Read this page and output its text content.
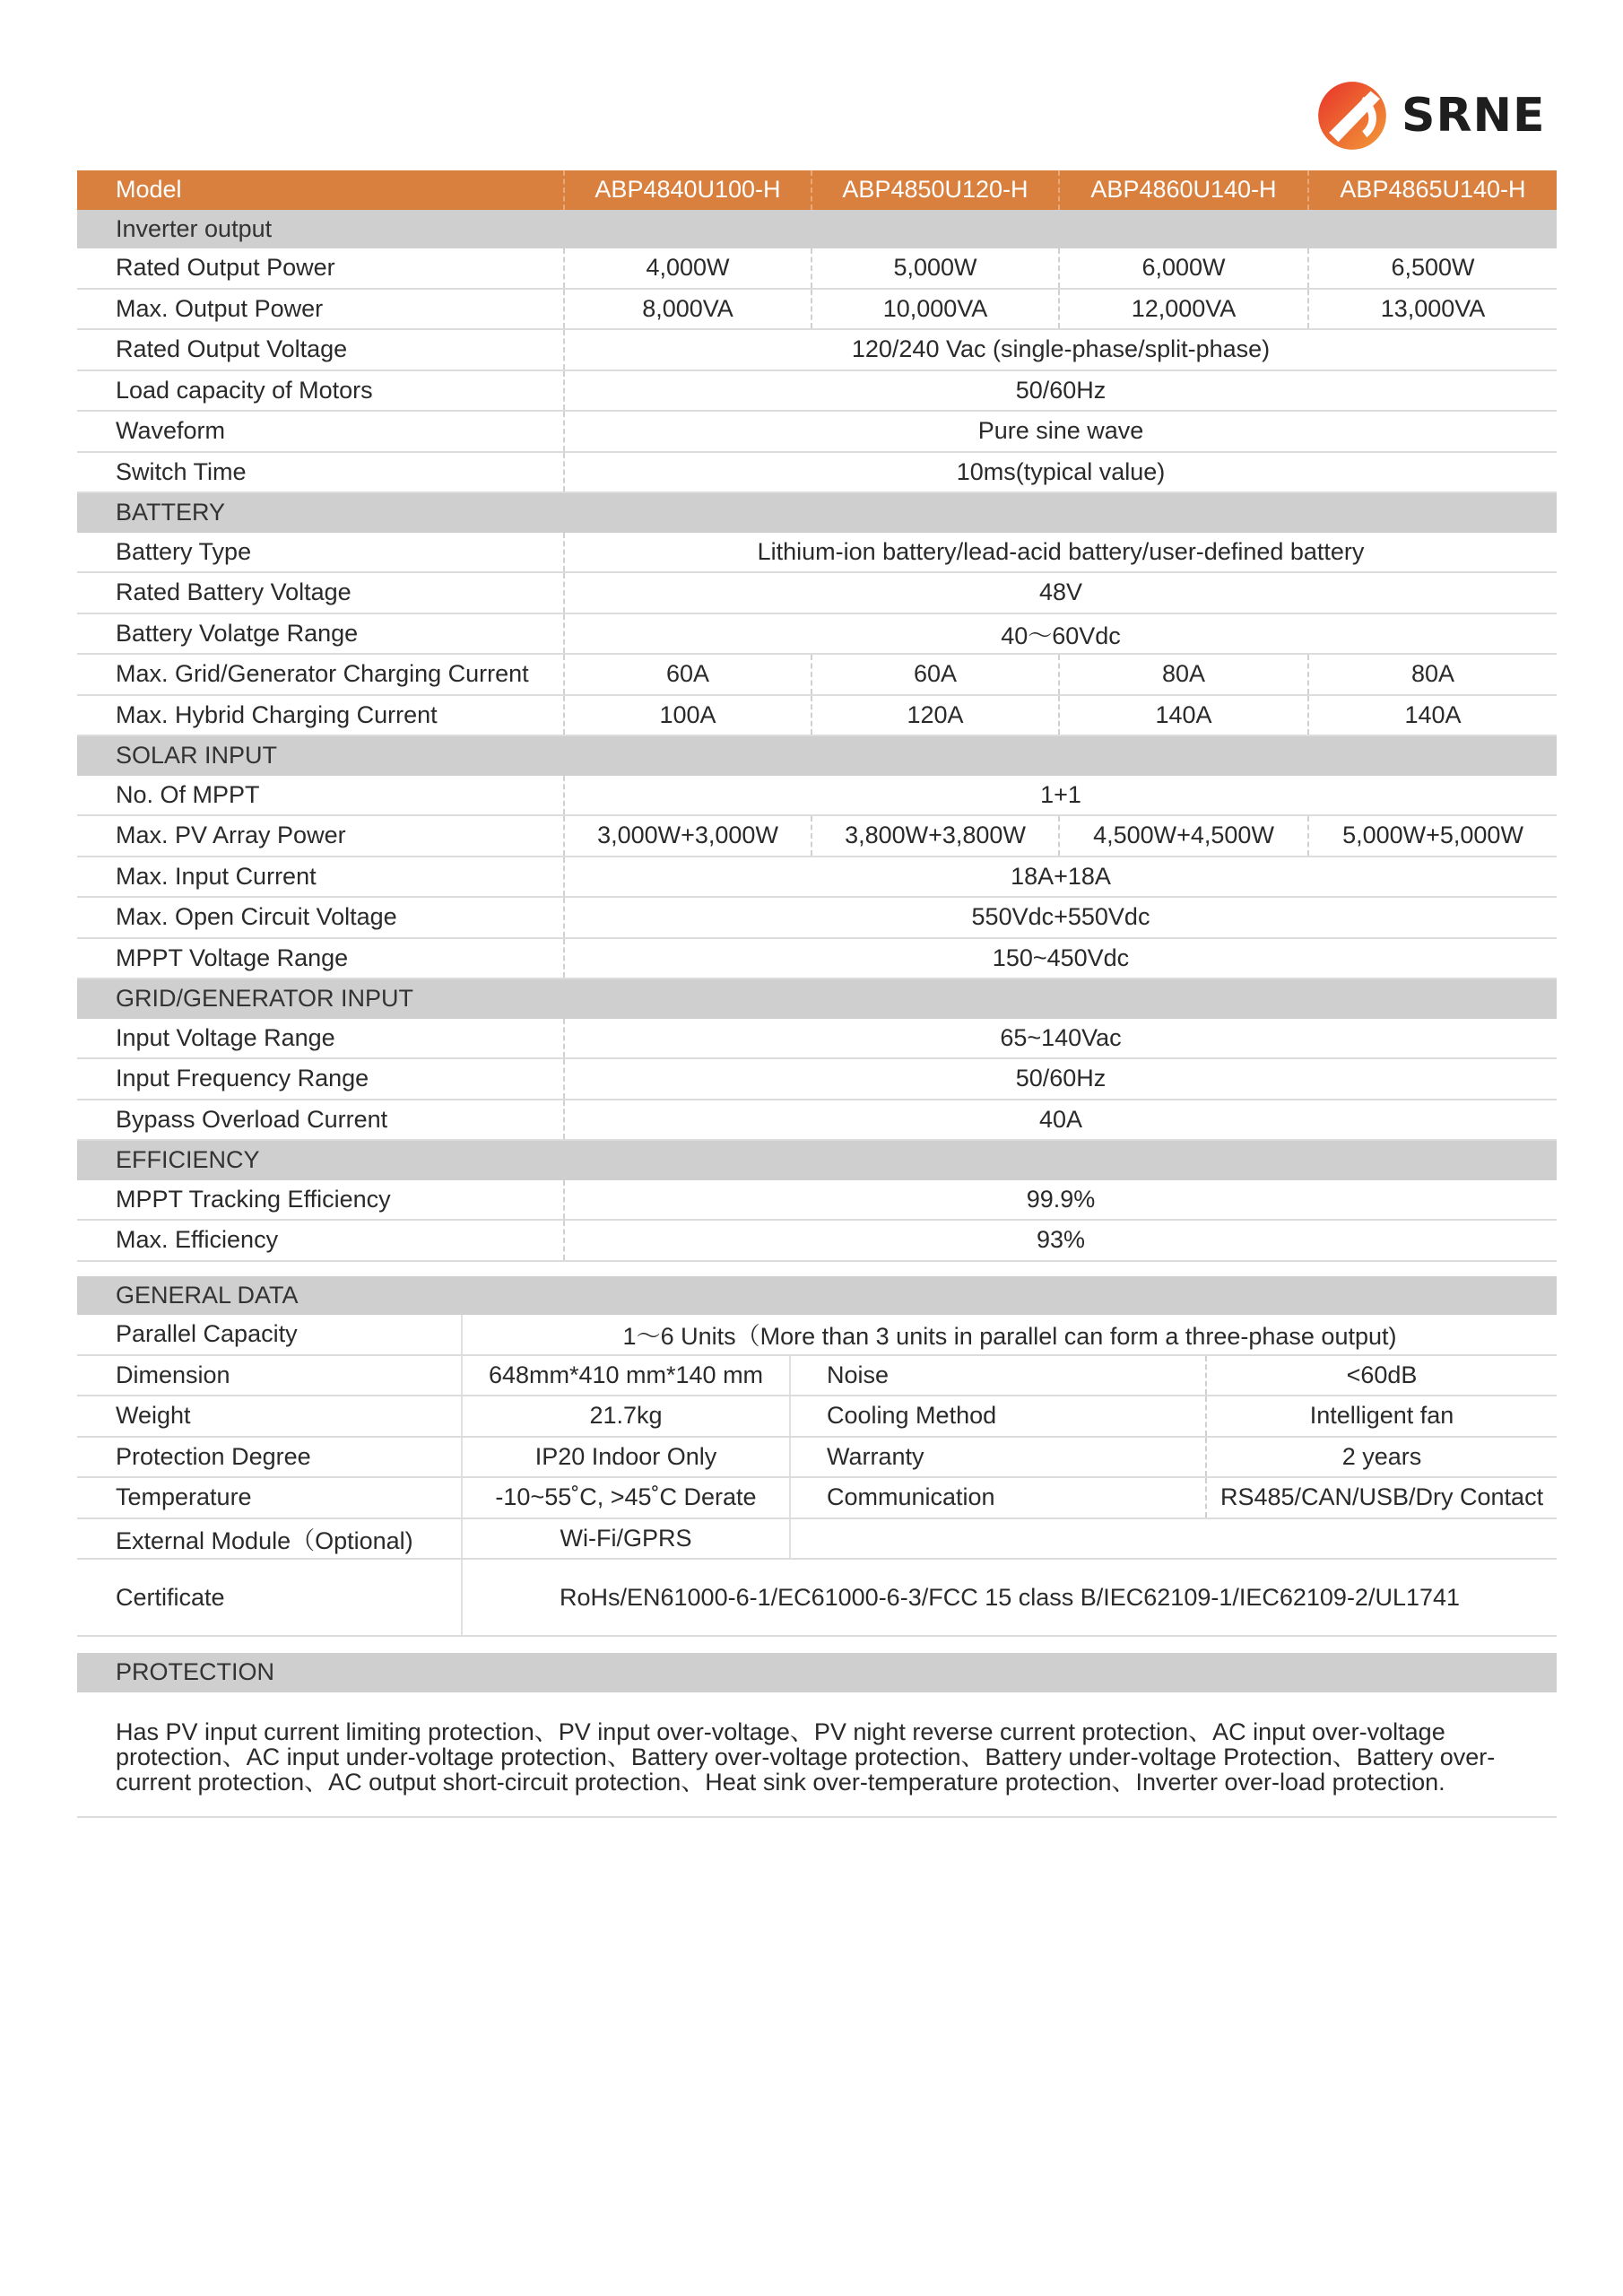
SRNE
Model	ABP4840U100-H	ABP4850U120-H	ABP4860U140-H	ABP4865U140-H
Inverter output				
Rated Output Power	4,000W	5,000W	6,000W	6,500W
Max. Output Power	8,000VA	10,000VA	12,000VA	13,000VA
Rated Output Voltage	120/240 Vac (single-phase/split-phase)			
Load capacity of Motors	50/60Hz			
Waveform	Pure sine wave			
Switch Time	10ms(typical value)			
BATTERY				
Battery Type	Lithium-ion battery/lead-acid battery/user-defined battery			
Rated Battery Voltage	48V			
Battery Volatge Range	40～60Vdc			
Max. Grid/Generator Charging Current	60A	60A	80A	80A
Max. Hybrid Charging Current	100A	120A	140A	140A
SOLAR INPUT				
No. Of MPPT	1+1			
Max. PV Array Power	3,000W+3,000W	3,800W+3,800W	4,500W+4,500W	5,000W+5,000W
Max. Input Current	18A+18A			
Max. Open Circuit Voltage	550Vdc+550Vdc			
MPPT Voltage Range	150~450Vdc			
GRID/GENERATOR INPUT				
Input Voltage Range	65~140Vac			
Input Frequency Range	50/60Hz			
Bypass Overload Current	40A			
EFFICIENCY				
MPPT Tracking Efficiency	99.9%			
Max. Efficiency	93%			

GENERAL DATA			
Parallel Capacity	1～6 Units（More than 3 units in parallel can form a three-phase output)		
Dimension	648mm*410 mm*140 mm	Noise	<60dB
Weight	21.7kg	Cooling Method	Intelligent fan
Protection Degree	IP20 Indoor Only	Warranty	2 years
Temperature	-10~55˚C, >45˚C Derate	Communication	RS485/CAN/USB/Dry Contact
External Module（Optional)	Wi-Fi/GPRS		
Certificate	RoHs/EN61000-6-1/EC61000-6-3/FCC 15 class B/IEC62109-1/IEC62109-2/UL1741		
PROTECTION
Has PV input current limiting protection、PV input over-voltage、PV night reverse current protection、AC input over-voltage protection、AC input under-voltage protection、Battery over-voltage protection、Battery under-voltage Protection、Battery over-current protection、AC output short-circuit protection、Heat sink over-temperature protection、Inverter over-load protection.
